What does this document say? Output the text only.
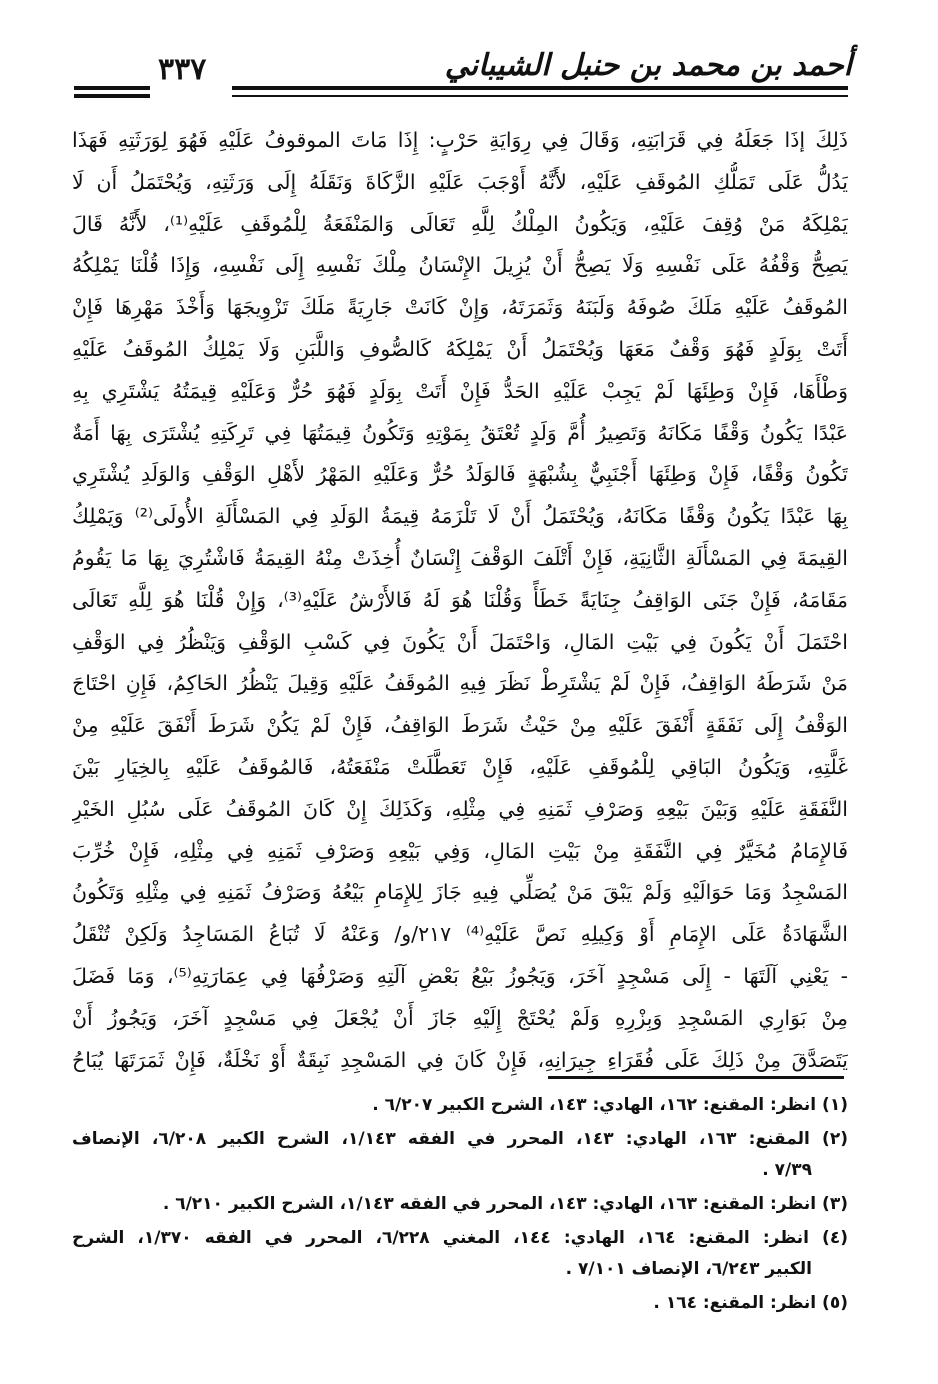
أحمد بن محمد بن حنبل الشيباني
٣٣٧
ذَلِكَ إذَا جَعَلَهُ فِي قَرَابَتِهِ، وَقَالَ فِي رِوَايَةِ حَرْبٍ: إِذَا مَاتَ الموقوفُ عَلَيْهِ فَهُوَ لِوَرَثَتِهِ فَهَذَا
يَدُلُّ عَلَى تَمَلُّكِ المُوقَفِ عَلَيْهِ، لأَنَّهُ أَوْجَبَ عَلَيْهِ الزَّكَاةَ وَنَقَلَهُ إِلَى وَرَثَتِهِ، وَيُحْتَمَلُ أَن لَا
يَمْلِكَهُ مَنْ وُقِفَ عَلَيْهِ، وَيَكُونُ المِلْكُ لِلَّهِ تَعَالَى وَالمَنْفَعَةُ لِلْمُوقَفِ عَلَيْهِ⁽¹⁾، لأَنَّهُ قَالَ
يَصِحُّ وَقْفُهُ عَلَى نَفْسِهِ وَلَا يَصِحُّ أَنْ يُزِيلَ الإِنْسَانُ مِلْكَ نَفْسِهِ إِلَى نَفْسِهِ، وَإِذَا قُلْنَا يَمْلِكُهُ
المُوقَفُ عَلَيْهِ مَلَكَ صُوفَهُ وَلَبَنَهُ وَثَمَرَتَهُ، وَإِنْ كَانَتْ جَارِيَةً مَلَكَ تَزْوِيجَهَا وَأَخْذَ مَهْرِهَا فَإِنْ
أَتَتْ بِوَلَدٍ فَهُوَ وَقْفٌ مَعَهَا وَيُحْتَمَلُ أَنْ يَمْلِكَهُ كَالصُّوفِ وَاللَّبَنِ وَلَا يَمْلِكُ المُوقَفُ عَلَيْهِ
وَطْأَهَا، فَإِنْ وَطِئَهَا لَمْ يَجِبْ عَلَيْهِ الحَدُّ فَإِنْ أَتَتْ بِوَلَدٍ فَهُوَ حُرٌّ وَعَلَيْهِ قِيمَتُهُ يَشْتَرِي بِهِ
عَبْدًا يَكُونُ وَقْفًا مَكَانَهُ وَتَصِيرُ أُمَّ وَلَدٍ تُعْتَقُ بِمَوْتِهِ وَتَكُونُ قِيمَتُهَا فِي تَرِكَتِهِ يُشْتَرَى بِهَا أَمَةٌ
تَكُونُ وَقْفًا، فَإِنْ وَطِئَهَا أَجْنَبِيٌّ بِشُبْهَةٍ فَالوَلَدُ حُرٌّ وَعَلَيْهِ المَهْرُ لأَهْلِ الوَقْفِ وَالوَلَدِ يُشْتَرِي
بِهَا عَبْدًا يَكُونُ وَقْفًا مَكَانَهُ، وَيُحْتَمَلُ أَنْ لَا تَلْزَمَهُ قِيمَةُ الوَلَدِ فِي المَسْأَلَةِ الأُولَى⁽²⁾ وَيَمْلِكُ
القِيمَةَ فِي المَسْأَلَةِ الثَّانِيَةِ، فَإِنْ أَتْلَفَ الوَقْفَ إِنْسَانٌ أُخِذَتْ مِنْهُ القِيمَةُ فَاشْتُرِيَ بِهَا مَا يَقُومُ
مَقَامَهُ، فَإِنْ جَنَى الوَاقِفُ جِنَايَةً خَطَأً وَقُلْنَا هُوَ لَهُ فَالأَرْشُ عَلَيْهِ⁽³⁾، وَإِنْ قُلْنَا هُوَ لِلَّهِ تَعَالَى
احْتَمَلَ أَنْ يَكُونَ فِي بَيْتِ المَالِ، وَاحْتَمَلَ أَنْ يَكُونَ فِي كَسْبِ الوَقْفِ وَيَنْظُرُ فِي الوَقْفِ
مَنْ شَرَطَهُ الوَاقِفُ، فَإِنْ لَمْ يَشْتَرِطْ نَظَرَ فِيهِ المُوقَفُ عَلَيْهِ وَقِيلَ يَنْظُرُ الحَاكِمُ، فَإِنِ احْتَاجَ
الوَقْفُ إِلَى نَفَقَةٍ أَنْفَقَ عَلَيْهِ مِنْ حَيْثُ شَرَطَ الوَاقِفُ، فَإِنْ لَمْ يَكُنْ شَرَطَ أَنْفَقَ عَلَيْهِ مِنْ
غَلَّتِهِ، وَيَكُونُ البَاقِي لِلْمُوقَفِ عَلَيْهِ، فَإِنْ تَعَطَّلَتْ مَنْفَعَتُهُ، فَالمُوقَفُ عَلَيْهِ بِالخِيَارِ بَيْنَ
النَّفَقَةِ عَلَيْهِ وَبَيْنَ بَيْعِهِ وَصَرْفِ ثَمَنِهِ فِي مِثْلِهِ، وَكَذَلِكَ إِنْ كَانَ المُوقَفُ عَلَى سُبُلِ الخَيْرِ
فَالإِمَامُ مُخَيَّرٌ فِي النَّفَقَةِ مِنْ بَيْتِ المَالِ، وَفِي بَيْعِهِ وَصَرْفِ ثَمَنِهِ فِي مِثْلِهِ، فَإِنْ خُرِّبَ
المَسْجِدُ وَمَا حَوَالَيْهِ وَلَمْ يَبْقَ مَنْ يُصَلِّي فِيهِ جَازَ لِلإِمَامِ بَيْعُهُ وَصَرْفُ ثَمَنِهِ فِي مِثْلِهِ وَتَكُونُ
الشَّهَادَةُ عَلَى الإِمَامِ أَوْ وَكِيلِهِ نَصَّ عَلَيْهِ⁽⁴⁾ ٢١٧/و/ وَعَنْهُ لَا تُبَاعُ المَسَاجِدُ وَلَكِنْ تُنْقَلُ
- يَعْنِي آلَتَهَا - إِلَى مَسْجِدٍ آخَرَ، وَيَجُوزُ بَيْعُ بَعْضِ آلَتِهِ وَصَرْفُهَا فِي عِمَارَتِهِ⁽⁵⁾، وَمَا فَضَلَ
مِنْ بَوَارِي المَسْجِدِ وَبِزْرِهِ وَلَمْ يُحْتَجْ إِلَيْهِ جَازَ أَنْ يُجْعَلَ فِي مَسْجِدٍ آخَرَ، وَيَجُوزُ أَنْ
يَتَصَدَّقَ مِنْ ذَلِكَ عَلَى فُقَرَاءِ جِيرَانِهِ، فَإِنْ كَانَ فِي المَسْجِدِ نَبِقَةٌ أَوْ نَخْلَةٌ، فَإِنْ ثَمَرَتَهَا يُبَاحُ
(١) انظر: المقنع: ١٦٢، الهادي: ١٤٣، الشرح الكبير ٦/٢٠٧ .
(٢) المقنع: ١٦٣، الهادي: ١٤٣، المحرر في الفقه ١/١٤٣، الشرح الكبير ٦/٢٠٨، الإنصاف
٧/٣٩ .
(٣) انظر: المقنع: ١٦٣، الهادي: ١٤٣، المحرر في الفقه ١/١٤٣، الشرح الكبير ٦/٢١٠ .
(٤) انظر: المقنع: ١٦٤، الهادي: ١٤٤، المغني ٦/٢٢٨، المحرر في الفقه ١/٣٧٠، الشرح
الكبير ٦/٢٤٣، الإنصاف ٧/١٠١ .
(٥) انظر: المقنع: ١٦٤ .
